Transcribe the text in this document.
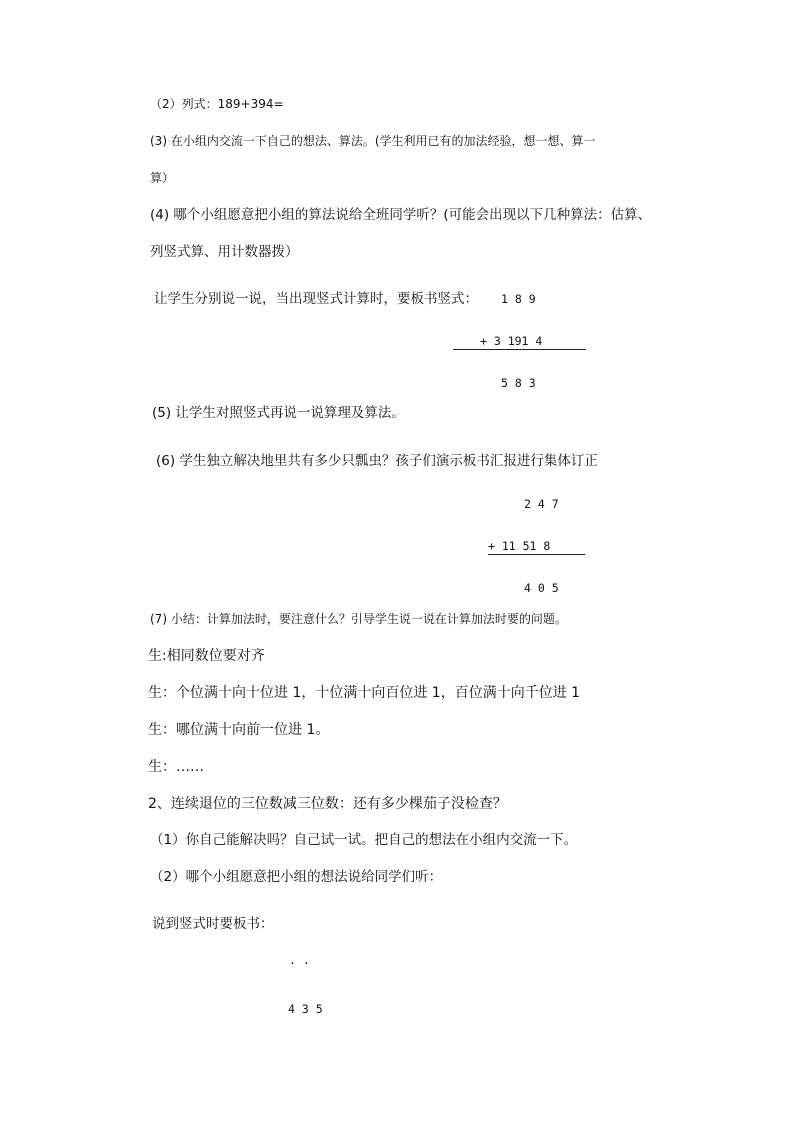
（2）列式：189+394=
(3) 在小组内交流一下自己的想法、算法。(学生利用已有的加法经验，想一想、算一
算）
(4) 哪个小组愿意把小组的算法说给全班同学听？(可能会出现以下几种算法：估算、
列竖式算、用计数器拨）
让学生分别说一说，当出现竖式计算时，要板书竖式： 1 8 9
+ 3 191 4
5 8 3
(5) 让学生对照竖式再说一说算理及算法。
(6) 学生独立解决地里共有多少只瓢虫？孩子们演示板书汇报进行集体订正
2 4 7
+ 11 51 8
4 0 5
(7) 小结：计算加法时，要注意什么？引导学生说一说在计算加法时要的问题。
生:相同数位要对齐
生：个位满十向十位进 1，十位满十向百位进 1，百位满十向千位进 1
生：哪位满十向前一位进 1。
生：……
2、连续退位的三位数减三位数：还有多少棵茄子没检查？
（1）你自己能解决吗？自己试一试。把自己的想法在小组内交流一下。
（2）哪个小组愿意把小组的想法说给同学们听：
说到竖式时要板书：
. .
4 3 5
